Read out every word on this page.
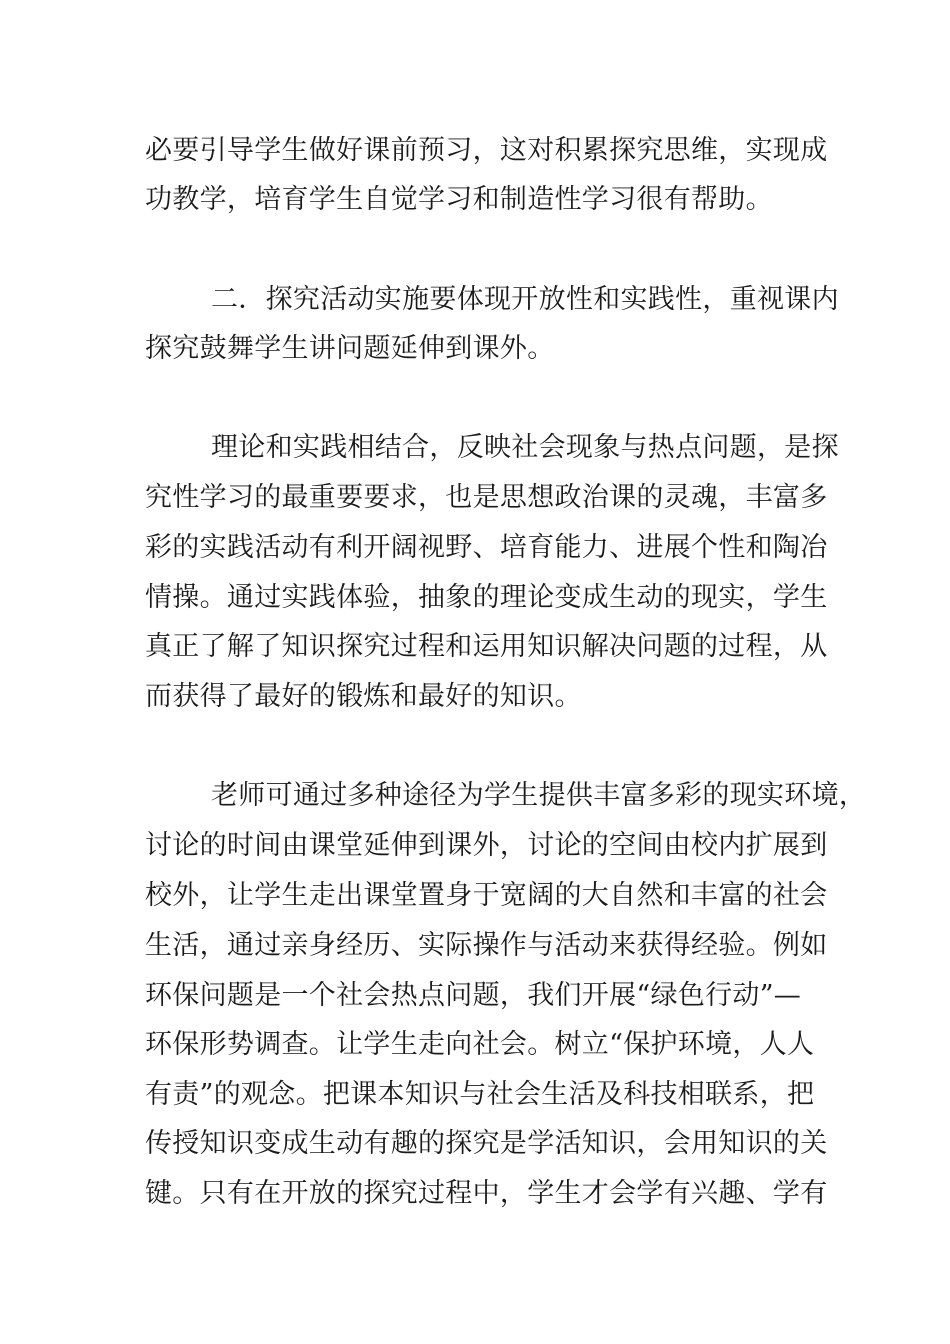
必要引导学生做好课前预习，这对积累探究思维，实现成
功教学，培育学生自觉学习和制造性学习很有帮助。
二．探究活动实施要体现开放性和实践性，重视课内
探究鼓舞学生讲问题延伸到课外。
理论和实践相结合，反映社会现象与热点问题，是探
究性学习的最重要要求，也是思想政治课的灵魂，丰富多
彩的实践活动有利开阔视野、培育能力、进展个性和陶冶
情操。通过实践体验，抽象的理论变成生动的现实，学生
真正了解了知识探究过程和运用知识解决问题的过程，从
而获得了最好的锻炼和最好的知识。
老师可通过多种途径为学生提供丰富多彩的现实环境，
讨论的时间由课堂延伸到课外，讨论的空间由校内扩展到
校外，让学生走出课堂置身于宽阔的大自然和丰富的社会
生活，通过亲身经历、实际操作与活动来获得经验。例如
环保问题是一个社会热点问题，我们开展“绿色行动”—
环保形势调查。让学生走向社会。树立“保护环境，人人
有责”的观念。把课本知识与社会生活及科技相联系，把
传授知识变成生动有趣的探究是学活知识，会用知识的关
键。只有在开放的探究过程中，学生才会学有兴趣、学有
